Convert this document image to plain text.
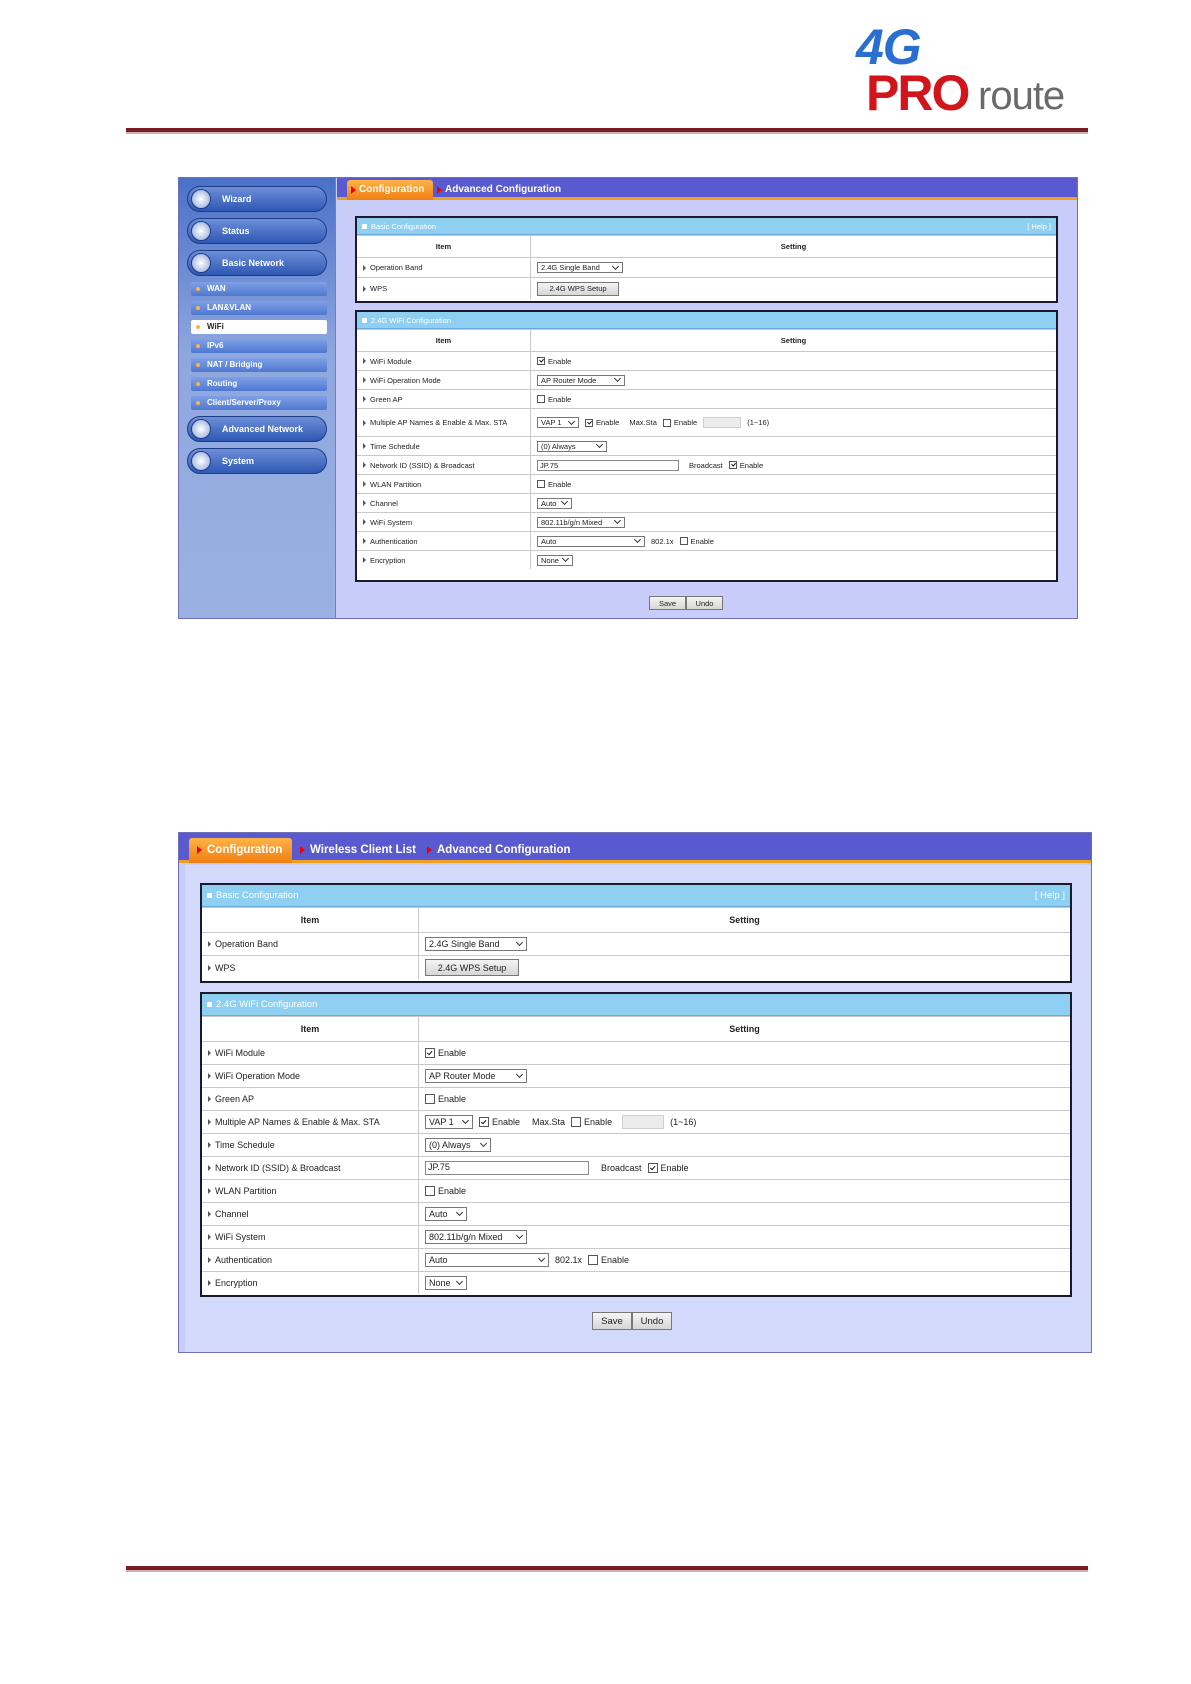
4G
PRO route
Wizard
Status
Basic Network
WAN
LAN&VLAN
WiFi
IPv6
NAT / Bridging
Routing
Client/Server/Proxy
Advanced Network
System
Configuration	Advanced Configuration
Basic Configuration	[ Help ]
Item	Setting
Operation Band	2.4G Single Band
WPS	2.4G WPS Setup
2.4G WiFi Configuration
Item	Setting
WiFi Module	Enable
WiFi Operation Mode	AP Router Mode
Green AP	Enable
Multiple AP Names & Enable & Max. STA	VAP 1	Enable Max.Sta Enable	(1~16)
Time Schedule	(0) Always
Network ID (SSID) & Broadcast	JP.75	Broadcast Enable
WLAN Partition	Enable
Channel	Auto
WiFi System	802.11b/g/n Mixed
Authentication	Auto	802.1x Enable
Encryption	None
Save	Undo
Configuration	Wireless Client List	Advanced Configuration
Basic Configuration	[ Help ]
Item	Setting
Operation Band	2.4G Single Band
WPS	2.4G WPS Setup
2.4G WiFi Configuration
Item	Setting
WiFi Module	Enable
WiFi Operation Mode	AP Router Mode
Green AP	Enable
Multiple AP Names & Enable & Max. STA	VAP 1	Enable Max.Sta Enable	(1~16)
Time Schedule	(0) Always
Network ID (SSID) & Broadcast	JP.75	Broadcast Enable
WLAN Partition	Enable
Channel	Auto
WiFi System	802.11b/g/n Mixed
Authentication	Auto	802.1x Enable
Encryption	None
Save	Undo
